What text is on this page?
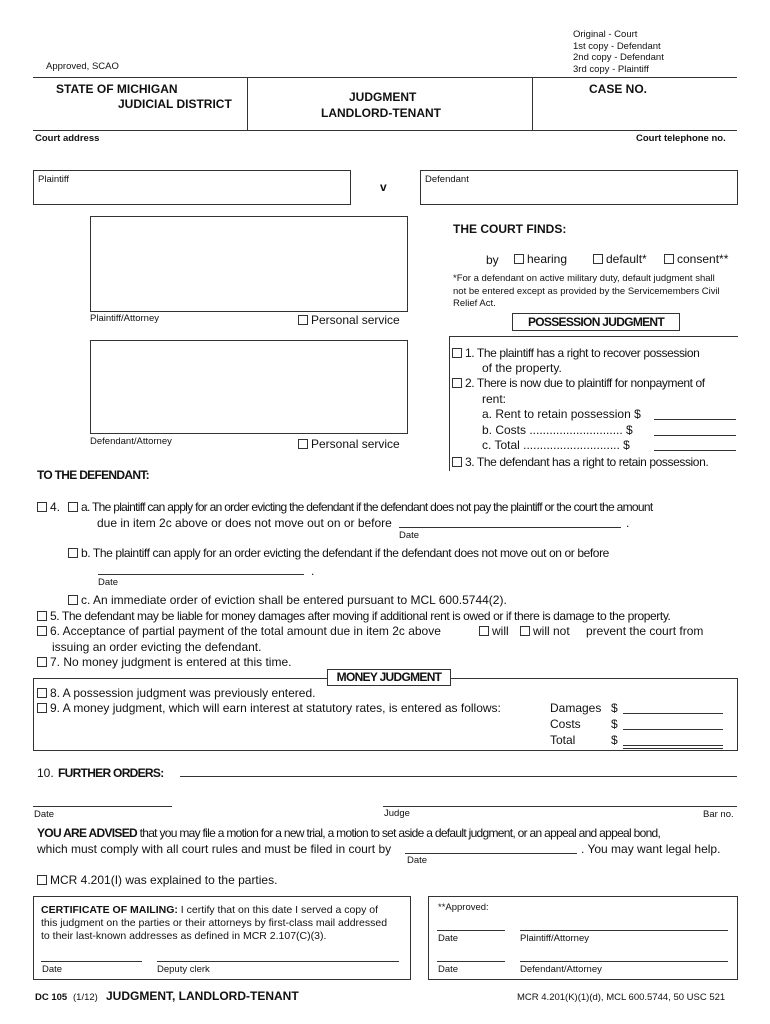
Original - Court
1st copy - Defendant
2nd copy - Defendant
3rd copy - Plaintiff
Approved, SCAO
STATE OF MICHIGAN
JUDICIAL DISTRICT	JUDGMENT
LANDLORD-TENANT
CASE NO.
Court address	Court telephone no.
Plaintiff
v
Defendant
Plaintiff/Attorney	Personal service
Defendant/Attorney	Personal service
THE COURT FINDS:
by	hearing	default*	consent**
*For a defendant on active military duty, default judgment shall
not be entered except as provided by the Servicemembers Civil
Relief Act.
POSSESSION JUDGMENT
1. The plaintiff has a right to recover possession
of the property.
2. There is now due to plaintiff for nonpayment of
rent:
a. Rent to retain possession $
b. Costs ............................ $
c. Total ............................. $
3. The defendant has a right to retain possession.
TO THE DEFENDANT:
4.	a. The plaintiff can apply for an order evicting the defendant if the defendant does not pay the plaintiff or the court the amount
due in item 2c above or does not move out on or before	.
Date
b. The plaintiff can apply for an order evicting the defendant if the defendant does not move out on or before
.
Date
c. An immediate order of eviction shall be entered pursuant to MCL 600.5744(2).
5. The defendant may be liable for money damages after moving if additional rent is owed or if there is damage to the property.
6. Acceptance of partial payment of the total amount due in item 2c above	will	will not prevent the court from
issuing an order evicting the defendant.
7. No money judgment is entered at this time.
MONEY JUDGMENT
8. A possession judgment was previously entered.
9. A money judgment, which will earn interest at statutory rates, is entered as follows:	Damages $
Costs	$
Total	$
10. FURTHER ORDERS:
Date	Judge	Bar no.
YOU ARE ADVISED that you may file a motion for a new trial, a motion to set aside a default judgment, or an appeal and appeal bond,
which must comply with all court rules and must be filed in court by	. You may want legal help.
Date
MCR 4.201(I) was explained to the parties.
CERTIFICATE OF MAILING: I certify that on this date I served a copy of
this judgment on the parties or their attorneys by first-class mail addressed
to their last-known addresses as defined in MCR 2.107(C)(3).
Date	Deputy clerk
**Approved:
Date	Plaintiff/Attorney
Date	Defendant/Attorney
DC 105 (1/12) JUDGMENT, LANDLORD-TENANT	MCR 4.201(K)(1)(d), MCL 600.5744, 50 USC 521
